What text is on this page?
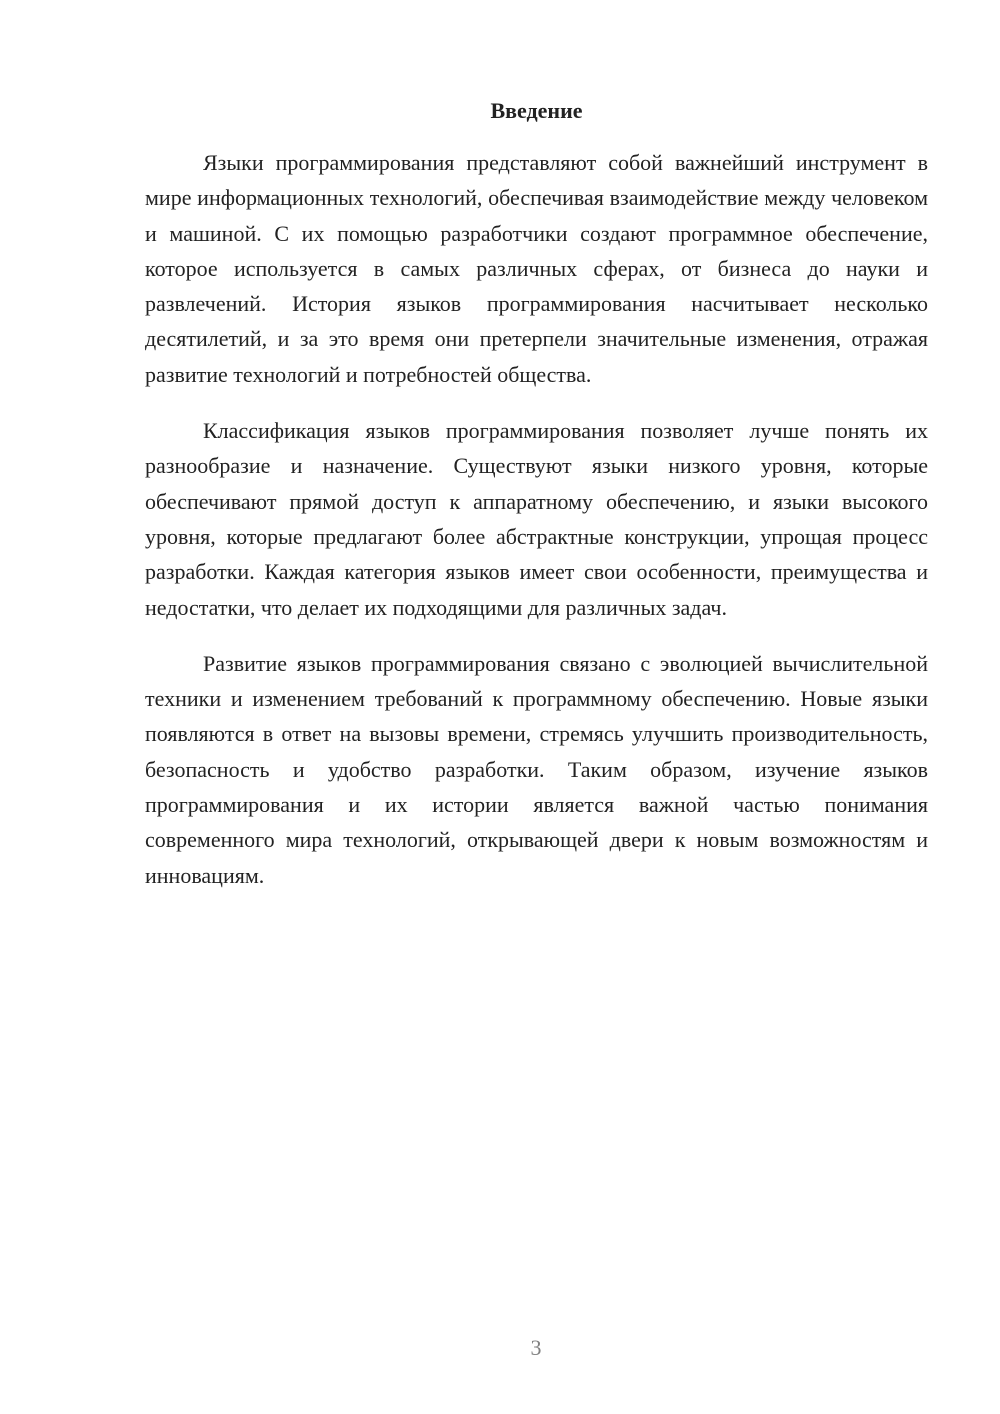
Введение

Языки программирования представляют собой важнейший инструмент в мире информационных технологий, обеспечивая взаимодействие между человеком и машиной. С их помощью разработчики создают программное обеспечение, которое используется в самых различных сферах, от бизнеса до науки и развлечений. История языков программирования насчитывает несколько десятилетий, и за это время они претерпели значительные изменения, отражая развитие технологий и потребностей общества.

Классификация языков программирования позволяет лучше понять их разнообразие и назначение. Существуют языки низкого уровня, которые обеспечивают прямой доступ к аппаратному обеспечению, и языки высокого уровня, которые предлагают более абстрактные конструкции, упрощая процесс разработки. Каждая категория языков имеет свои особенности, преимущества и недостатки, что делает их подходящими для различных задач.

Развитие языков программирования связано с эволюцией вычислительной техники и изменением требований к программному обеспечению. Новые языки появляются в ответ на вызовы времени, стремясь улучшить производительность, безопасность и удобство разработки. Таким образом, изучение языков программирования и их истории является важной частью понимания современного мира технологий, открывающей двери к новым возможностям и инновациям.

3
